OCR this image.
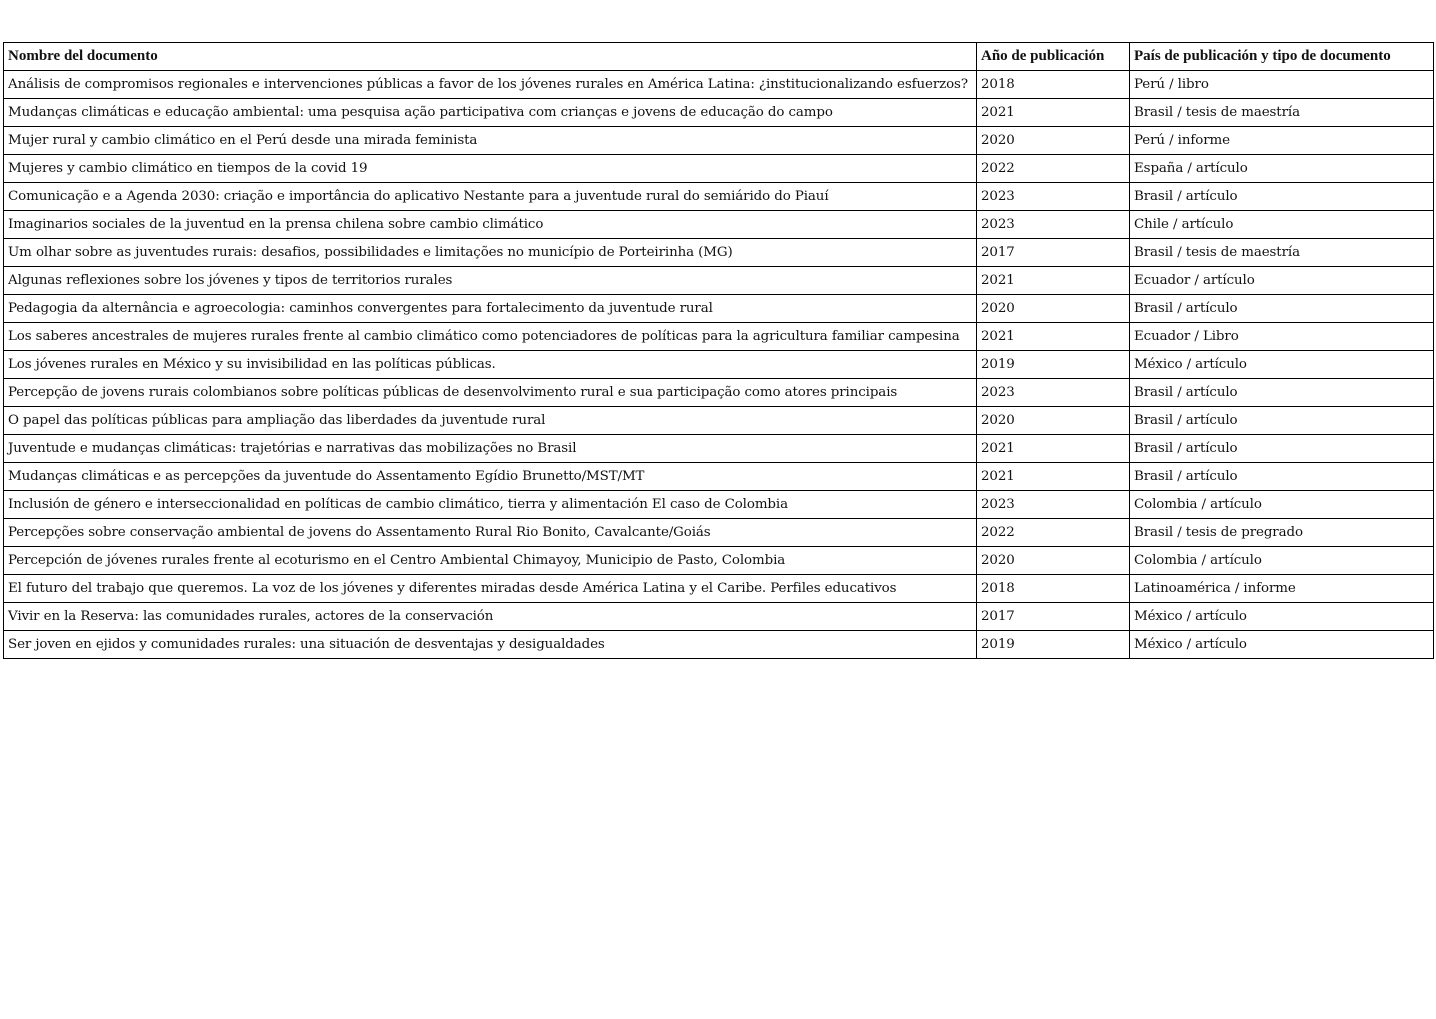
Nombre del documento	Año de publicación	País de publicación y tipo de documento
Análisis de compromisos regionales e intervenciones públicas a favor de los jóvenes rurales en América Latina: ¿institucionalizando esfuerzos?	2018	Perú / libro
Mudanças climáticas e educação ambiental: uma pesquisa ação participativa com crianças e jovens de educação do campo	2021	Brasil / tesis de maestría
Mujer rural y cambio climático en el Perú desde una mirada feminista	2020	Perú / informe
Mujeres y cambio climático en tiempos de la covid 19	2022	España / artículo
Comunicação e a Agenda 2030: criação e importância do aplicativo Nestante para a juventude rural do semiárido do Piauí	2023	Brasil / artículo
Imaginarios sociales de la juventud en la prensa chilena sobre cambio climático	2023	Chile / artículo
Um olhar sobre as juventudes rurais: desafios, possibilidades e limitações no município de Porteirinha (MG)	2017	Brasil / tesis de maestría
Algunas reflexiones sobre los jóvenes y tipos de territorios rurales	2021	Ecuador / artículo
Pedagogia da alternância e agroecologia: caminhos convergentes para fortalecimento da juventude rural	2020	Brasil / artículo
Los saberes ancestrales de mujeres rurales frente al cambio climático como potenciadores de políticas para la agricultura familiar campesina	2021	Ecuador / Libro
Los jóvenes rurales en México y su invisibilidad en las políticas públicas.	2019	México / artículo
Percepção de jovens rurais colombianos sobre políticas públicas de desenvolvimento rural e sua participação como atores principais	2023	Brasil / artículo
O papel das políticas públicas para ampliação das liberdades da juventude rural	2020	Brasil / artículo
Juventude e mudanças climáticas: trajetórias e narrativas das mobilizações no Brasil	2021	Brasil / artículo
Mudanças climáticas e as percepções da juventude do Assentamento Egídio Brunetto/MST/MT	2021	Brasil / artículo
Inclusión de género e interseccionalidad en políticas de cambio climático, tierra y alimentación El caso de Colombia	2023	Colombia / artículo
Percepções sobre conservação ambiental de jovens do Assentamento Rural Rio Bonito, Cavalcante/Goiás	2022	Brasil / tesis de pregrado
Percepción de jóvenes rurales frente al ecoturismo en el Centro Ambiental Chimayoy, Municipio de Pasto, Colombia	2020	Colombia / artículo
El futuro del trabajo que queremos. La voz de los jóvenes y diferentes miradas desde América Latina y el Caribe. Perfiles educativos	2018	Latinoamérica / informe
Vivir en la Reserva: las comunidades rurales, actores de la conservación	2017	México / artículo
Ser joven en ejidos y comunidades rurales: una situación de desventajas y desigualdades	2019	México / artículo
